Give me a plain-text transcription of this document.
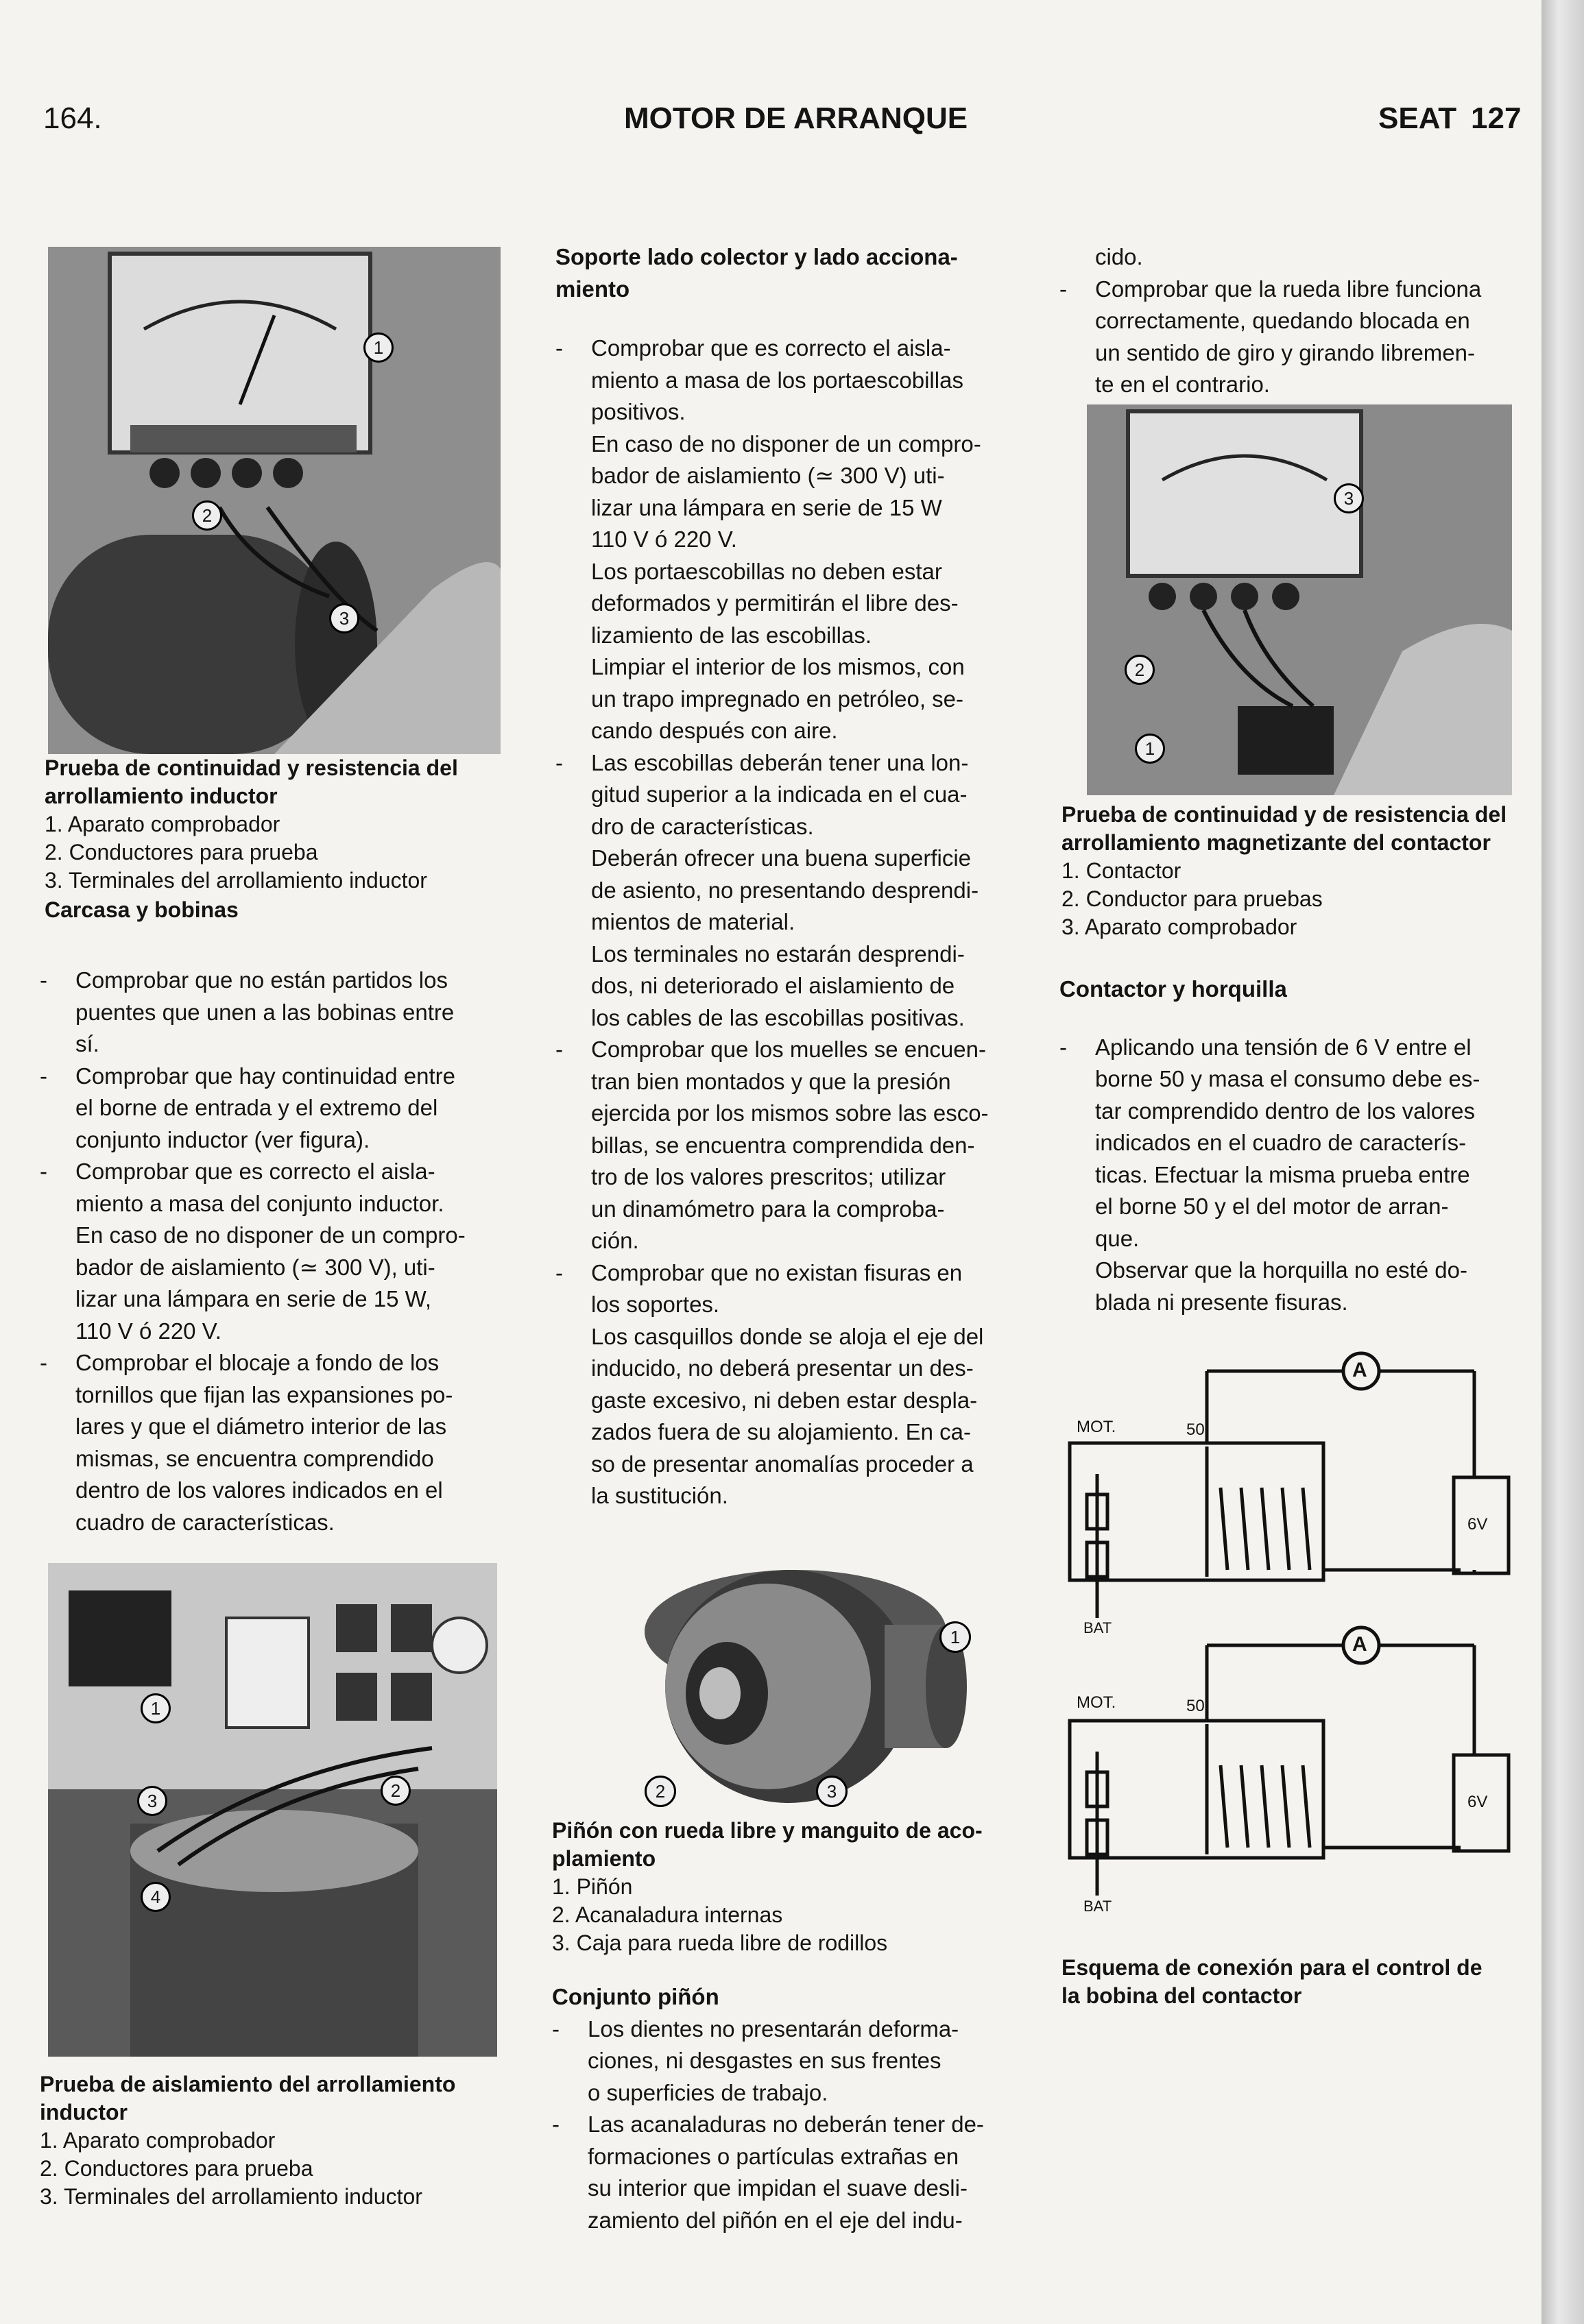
164.	MOTOR DE ARRANQUE	SEAT 127
1
2
3

Prueba de continuidad y resistencia del arrollamiento inductor

1. Aparato comprobador

2. Conductores para prueba

3. Terminales del arrollamiento inductor

Carcasa y bobinas

- Comprobar que no están partidos los

puentes que unen a las bobinas entre

sí.

- Comprobar que hay continuidad entre

el borne de entrada y el extremo del

conjunto inductor (ver figura).

- Comprobar que es correcto el aisla-

miento a masa del conjunto inductor.

En caso de no disponer de un compro-

bador de aislamiento (≃ 300 V), uti-

lizar una lámpara en serie de 15 W,

110 V ó 220 V.

- Comprobar el blocaje a fondo de los

tornillos que fijan las expansiones po-

lares y que el diámetro interior de las

mismas, se encuentra comprendido

dentro de los valores indicados en el

cuadro de características.

1
2
3
4

Prueba de aislamiento del arrollamiento

inductor

1. Aparato comprobador

2. Conductores para prueba

3. Terminales del arrollamiento inductor

Soporte lado colector y lado acciona-

miento

- Comprobar que es correcto el aisla-

miento a masa de los portaescobillas

positivos.

En caso de no disponer de un compro-

bador de aislamiento (≃ 300 V) uti-

lizar una lámpara en serie de 15 W

110 V ó 220 V.

Los portaescobillas no deben estar

deformados y permitirán el libre des-

lizamiento de las escobillas.

Limpiar el interior de los mismos, con

un trapo impregnado en petróleo, se-

cando después con aire.

- Las escobillas deberán tener una lon-

gitud superior a la indicada en el cua-

dro de características.

Deberán ofrecer una buena superficie

de asiento, no presentando desprendi-

mientos de material.

Los terminales no estarán desprendi-

dos, ni deteriorado el aislamiento de

los cables de las escobillas positivas.

- Comprobar que los muelles se encuen-

tran bien montados y que la presión

ejercida por los mismos sobre las esco-

billas, se encuentra comprendida den-

tro de los valores prescritos; utilizar

un dinamómetro para la comproba-

ción.

- Comprobar que no existan fisuras en

los soportes.

Los casquillos donde se aloja el eje del

inducido, no deberá presentar un des-

gaste excesivo, ni deben estar despla-

zados fuera de su alojamiento. En ca-

so de presentar anomalías proceder a

la sustitución.

1
2	3

Piñón con rueda libre y manguito de aco-

plamiento

1. Piñón

2. Acanaladura internas

3. Caja para rueda libre de rodillos

Conjunto piñón

- Los dientes no presentarán deforma-

ciones, ni desgastes en sus frentes

o superficies de trabajo.

- Las acanaladuras no deberán tener de-

formaciones o partículas extrañas en

su interior que impidan el suave desli-

zamiento del piñón en el eje del indu-

cido.

- Comprobar que la rueda libre funciona

correctamente, quedando blocada en

un sentido de giro y girando libremen-

te en el contrario.

3
2
1

Prueba de continuidad y de resistencia del

arrollamiento magnetizante del contactor

1. Contactor

2. Conductor para pruebas

3. Aparato comprobador

Contactor y horquilla

- Aplicando una tensión de 6 V entre el

borne 50 y masa el consumo debe es-

tar comprendido dentro de los valores

indicados en el cuadro de caracterís-

ticas. Efectuar la misma prueba entre

el borne 50 y el del motor de arran-

que.

Observar que la horquilla no esté do-

blada ni presente fisuras.

A
A
MOT.
MOT.
50
50
6V
6V
BAT
BAT

Esquema de conexión para el control de

la bobina del contactor
